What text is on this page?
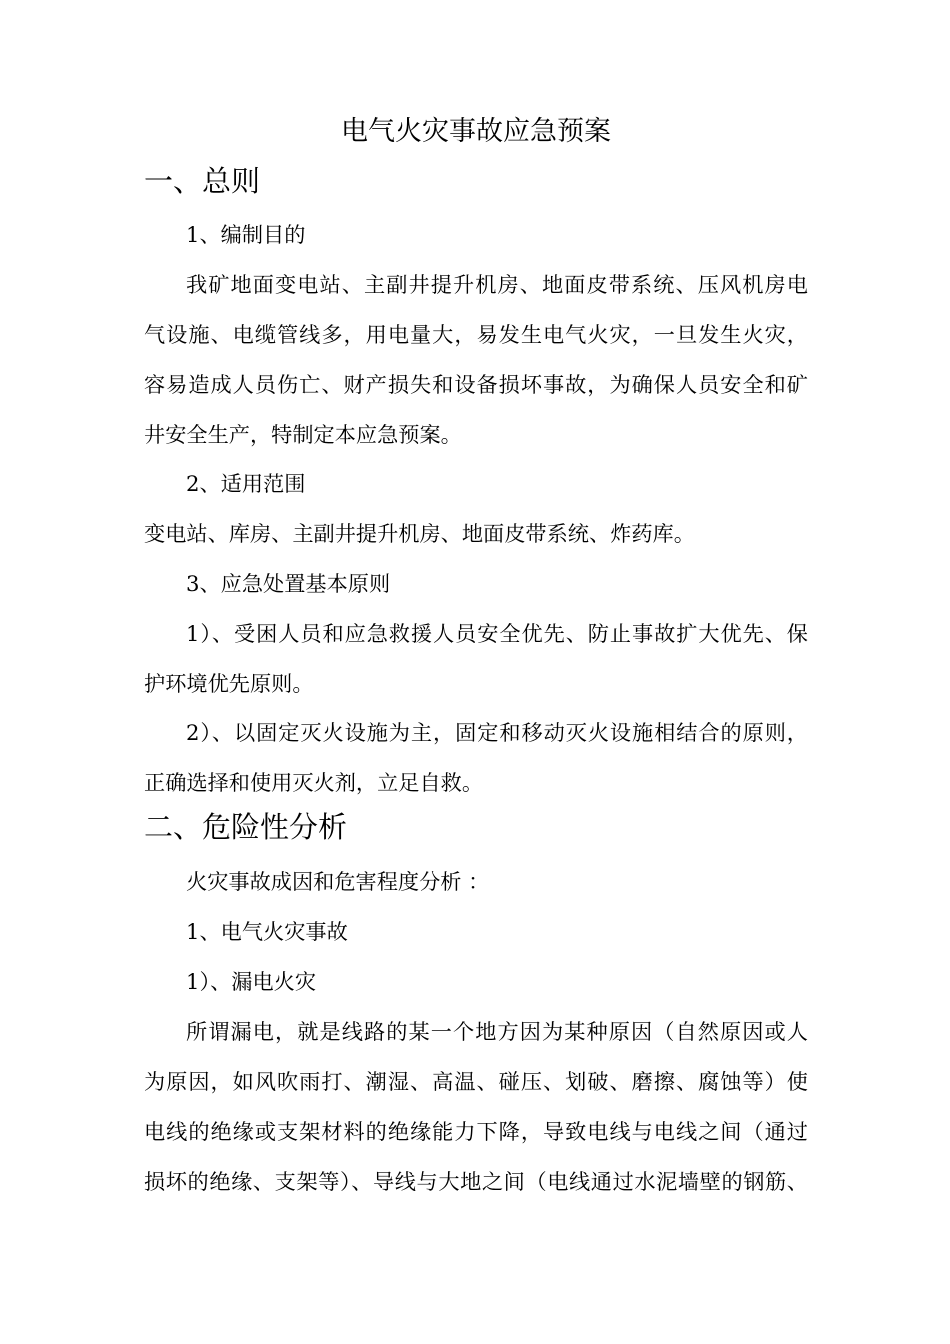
电气火灾事故应急预案
一、总则
1、编制目的
我矿地面变电站、主副井提升机房、地面皮带系统、压风机房电
气设施、电缆管线多，用电量大，易发生电气火灾，一旦发生火灾，
容易造成人员伤亡、财产损失和设备损坏事故，为确保人员安全和矿
井安全生产，特制定本应急预案。
2、适用范围
变电站、库房、主副井提升机房、地面皮带系统、炸药库。
3、应急处置基本原则
1）、受困人员和应急救援人员安全优先、防止事故扩大优先、保
护环境优先原则。
2）、以固定灭火设施为主，固定和移动灭火设施相结合的原则，
正确选择和使用灭火剂，立足自救。
二、危险性分析
火灾事故成因和危害程度分析 ：
1、电气火灾事故
1）、漏电火灾
所谓漏电，就是线路的某一个地方因为某种原因（自然原因或人
为原因，如风吹雨打、潮湿、高温、碰压、划破、磨擦、腐蚀等）使
电线的绝缘或支架材料的绝缘能力下降，导致电线与电线之间（通过
损坏的绝缘、支架等）、导线与大地之间（电线通过水泥墙壁的钢筋、
